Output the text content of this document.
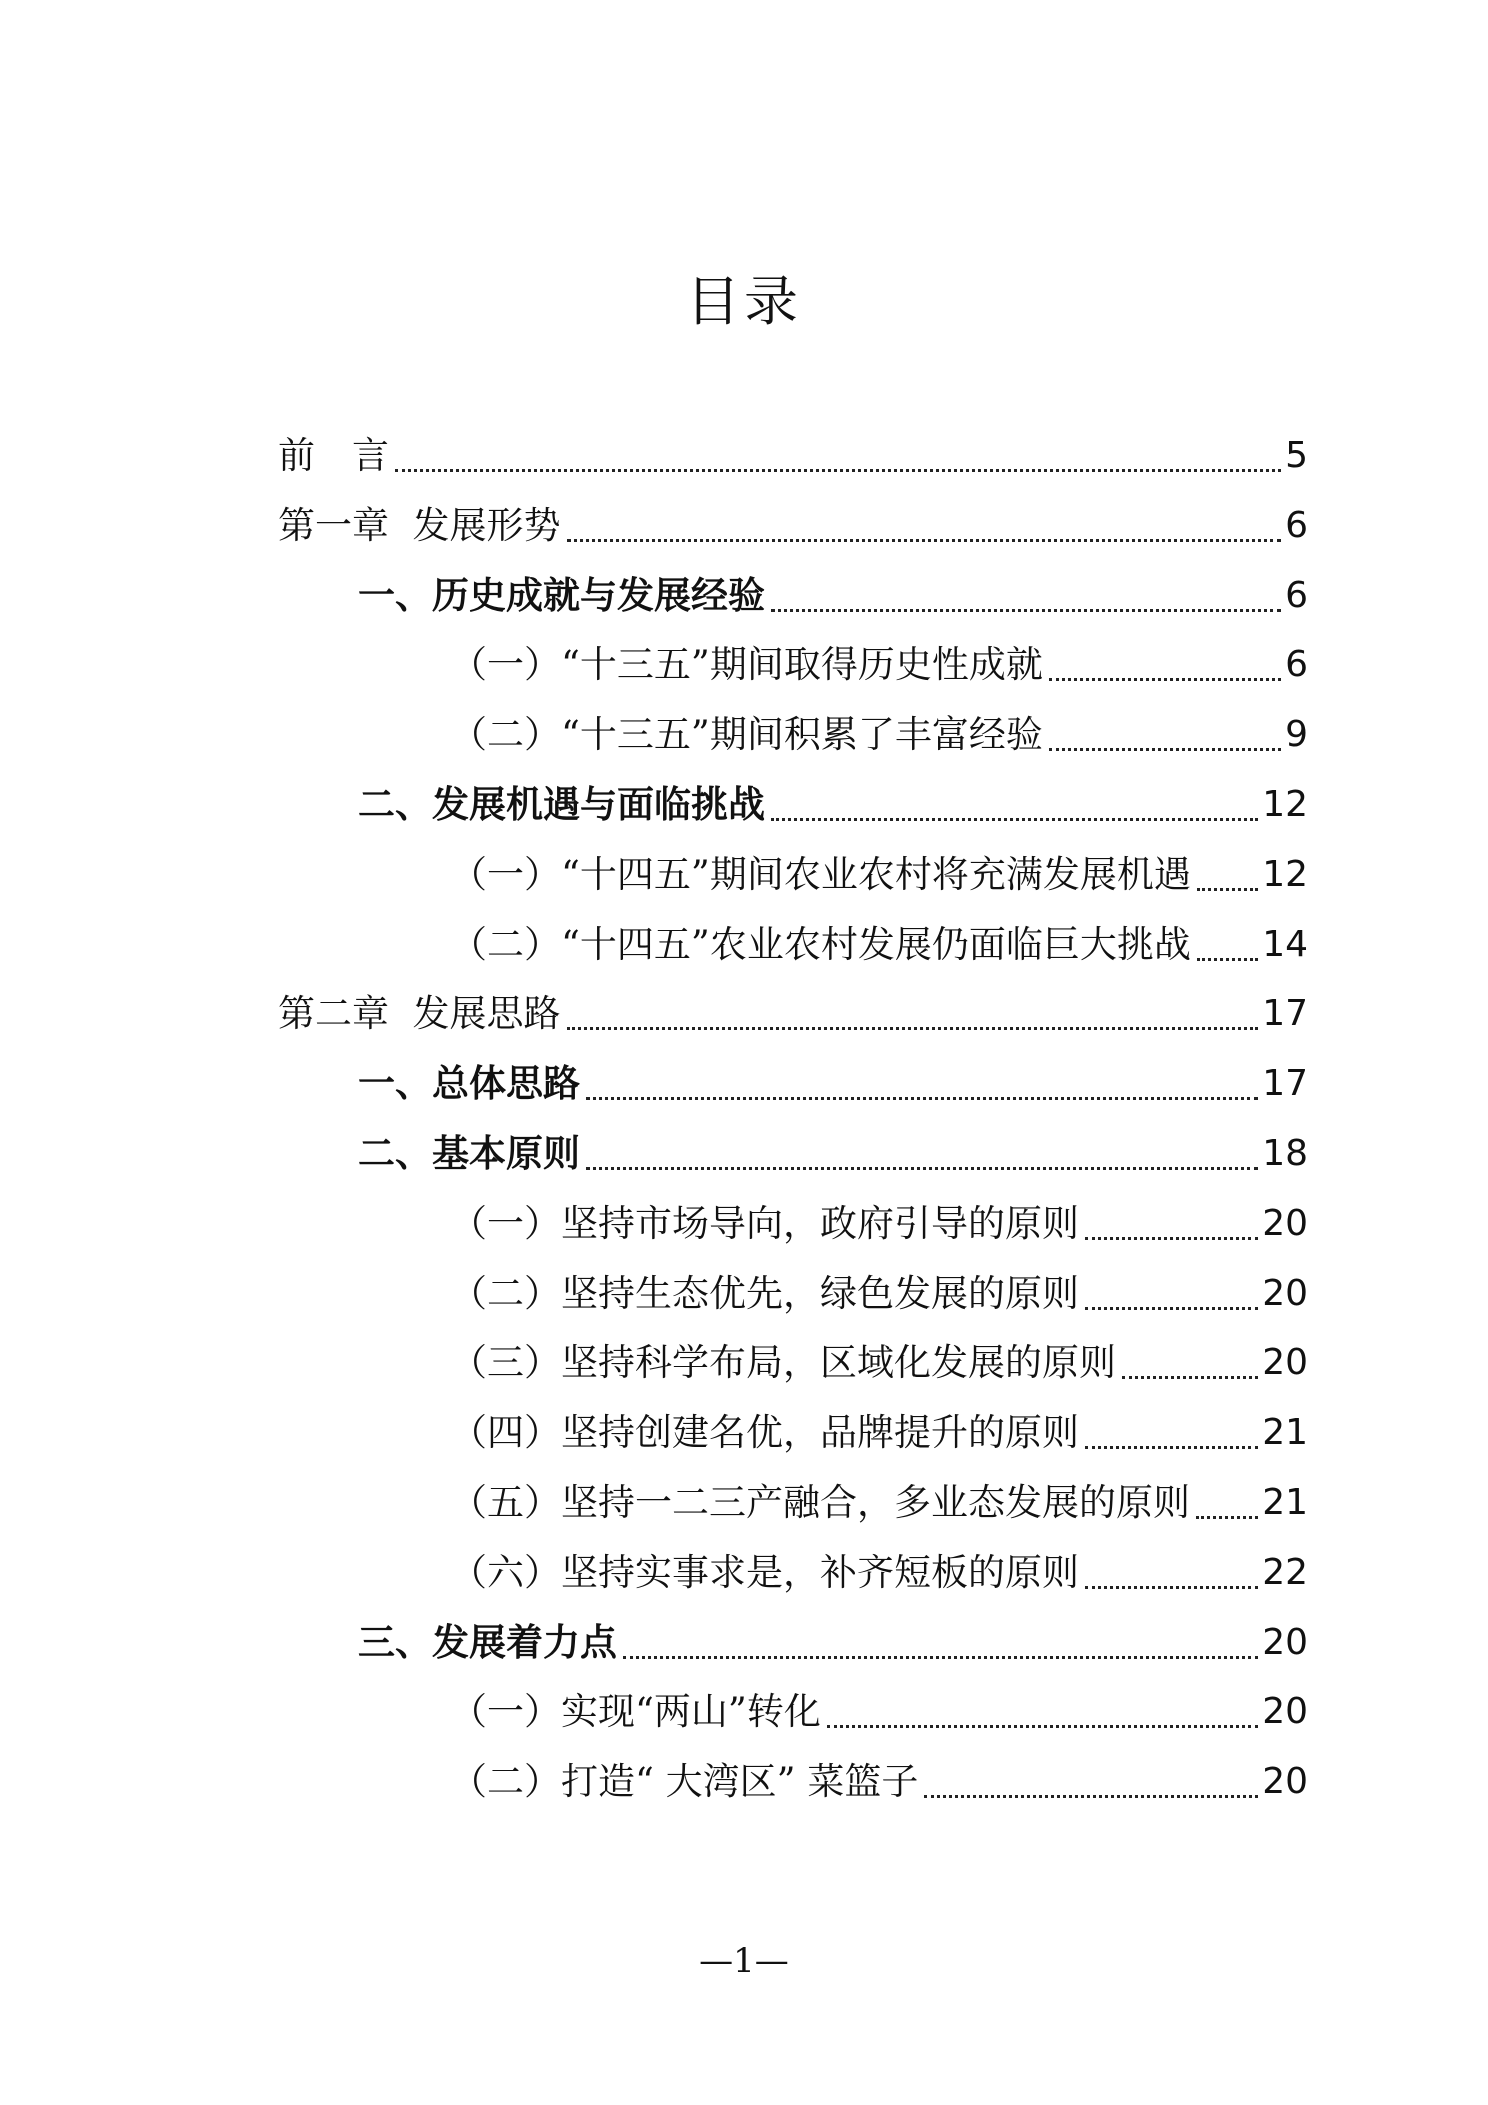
目录
前　言	5
第一章  发展形势	6
一、历史成就与发展经验	6
（一）“十三五”期间取得历史性成就	6
（二）“十三五”期间积累了丰富经验	9
二、发展机遇与面临挑战	12
（一）“十四五”期间农业农村将充满发展机遇 12
（二）“十四五”农业农村发展仍面临巨大挑战 14
第二章  发展思路	17
一、总体思路	17
二、基本原则	18
（一）坚持市场导向，政府引导的原则	20
（二）坚持生态优先，绿色发展的原则	20
（三）坚持科学布局，区域化发展的原则	20
（四）坚持创建名优，品牌提升的原则	21
（五）坚持一二三产融合，多业态发展的原则 21
（六）坚持实事求是，补齐短板的原则	22
三、发展着力点	20
（一）实现“两山”转化	20
（二）打造“ 大湾区” 菜篮子	20
—1—
